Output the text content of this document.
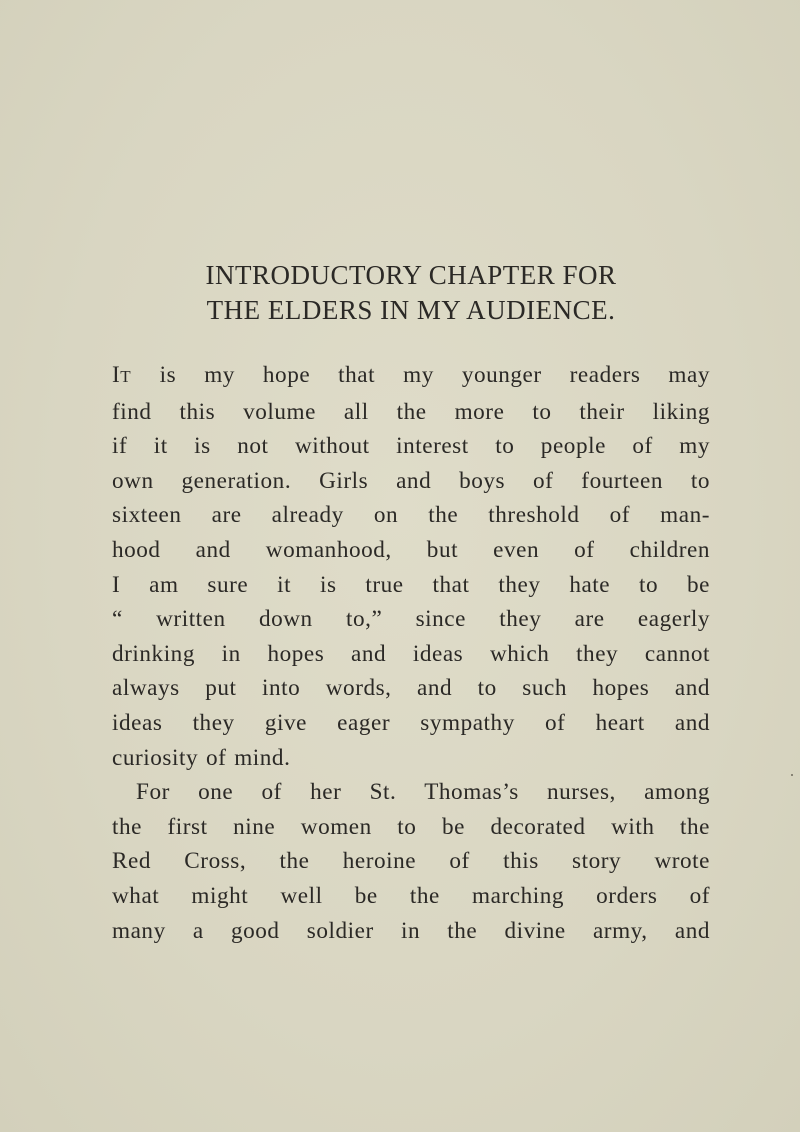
INTRODUCTORY CHAPTER FOR
THE ELDERS IN MY AUDIENCE.

IT is my hope that my younger readers may
find this volume all the more to their liking
if it is not without interest to people of my
own generation. Girls and boys of fourteen to
sixteen are already on the threshold of man-
hood and womanhood, but even of children
I am sure it is true that they hate to be
“ written down to,” since they are eagerly
drinking in hopes and ideas which they cannot
always put into words, and to such hopes and
ideas they give eager sympathy of heart and
curiosity of mind.

For one of her St. Thomas’s nurses, among
the first nine women to be decorated with the
Red Cross, the heroine of this story wrote
what might well be the marching orders of
many a good soldier in the divine army, and
